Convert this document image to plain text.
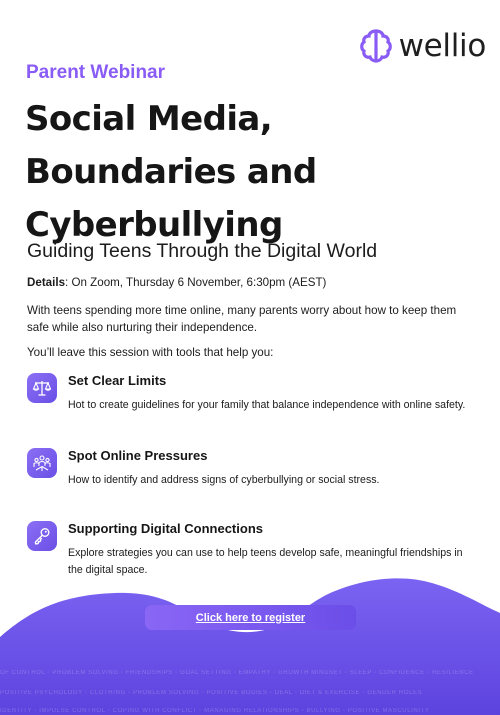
wellio
Parent Webinar
Social Media,
Boundaries and
Cyberbullying
Guiding Teens Through the Digital World

Details: On Zoom, Thursday 6 November, 6:30pm (AEST)

With teens spending more time online, many parents worry about how to keep them safe while also nurturing their independence.

You’ll leave this session with tools that help you:

Set Clear Limits
Hot to create guidelines for your family that balance independence with online safety.
Spot Online Pressures
How to identify and address signs of cyberbullying or social stress.
Supporting Digital Connections
Explore strategies you can use to help teens develop safe, meaningful friendships in the digital space.
OF CONTROL ◦ PROBLEM SOLVING ◦ FRIENDSHIPS ◦ GOAL SETTING ◦ EMPATHY ◦ GROWTH MINDSET ◦ SLEEP ◦ CONFIDENCE ◦ RESILIENCE
POSITIVE PSYCHOLOGY ◦ CLOTHING ◦ PROBLEM SOLVING ◦ POSITIVE BODIES ◦ DEAL ◦ DIET & EXERCISE ◦ GENDER ROLES
IDENTITY ◦ IMPULSE CONTROL ◦ COPING WITH CONFLICT ◦ MANAGING RELATIONSHIPS ◦ BULLYING ◦ POSITIVE MASCULINITY
Click here to register
